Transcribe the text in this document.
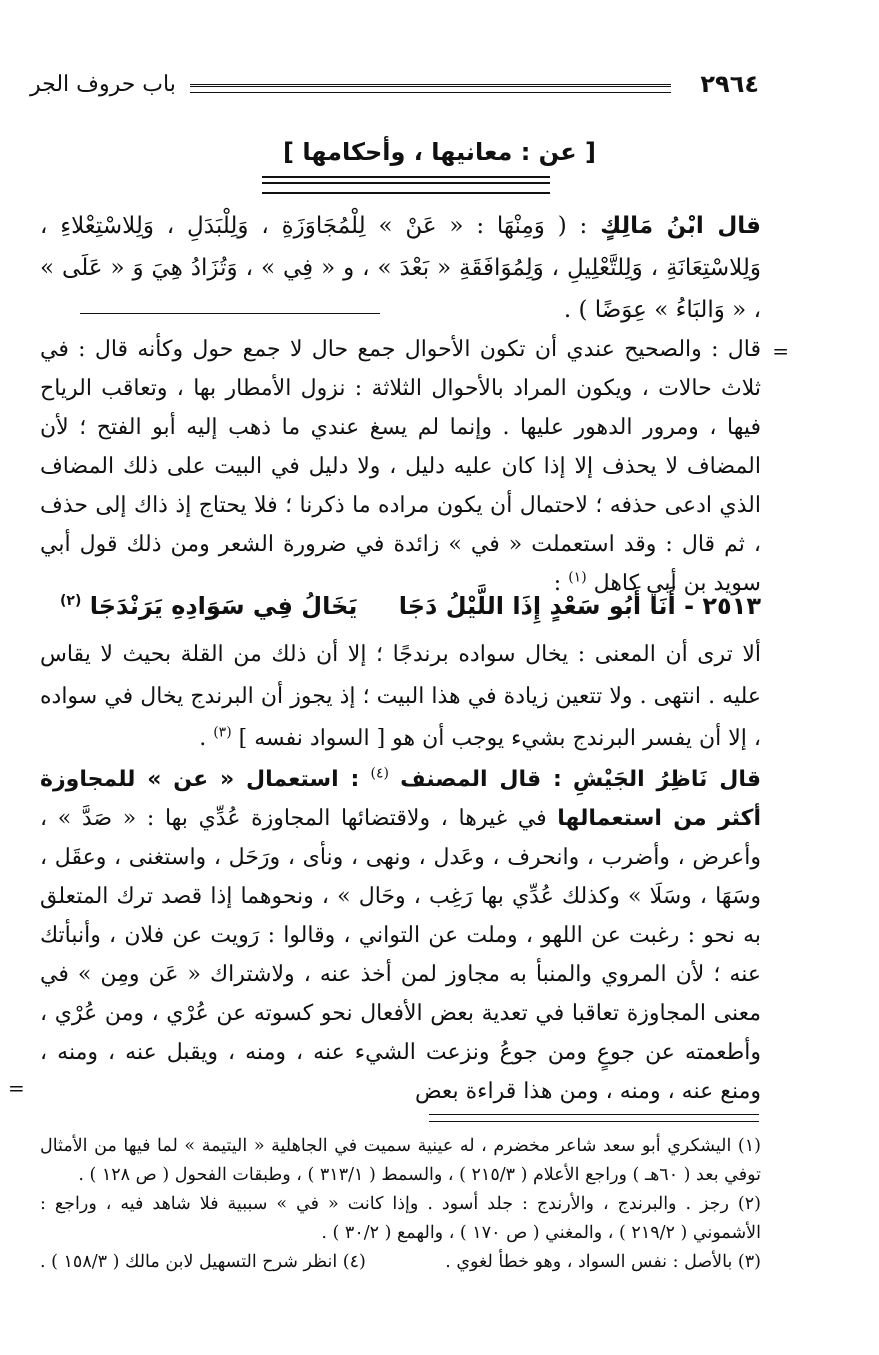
٢٩٦٤
باب حروف الجر
[ عن : معانيها ، وأحكامها ]

قال ابْنُ مَالِكٍ : ( وَمِنْهَا : « عَنْ » لِلْمُجَاوَزَةِ ، وَلِلْبَدَلِ ، وَلِلاسْتِعْلاءِ ، وَلِلاسْتِعَانَةِ ، وَلِلتَّعْلِيلِ ، وَلِمُوَافَقَةِ « بَعْدَ » ، و « فِي » ، وَتُزَادُ هِيَ وَ « عَلَى » ، « وَالبَاءُ » عِوَضًا ) .

=

قال : والصحيح عندي أن تكون الأحوال جمع حال لا جمع حول وكأنه قال : في ثلاث حالات ، ويكون المراد بالأحوال الثلاثة : نزول الأمطار بها ، وتعاقب الرياح فيها ، ومرور الدهور عليها . وإنما لم يسغ عندي ما ذهب إليه أبو الفتح ؛ لأن المضاف لا يحذف إلا إذا كان عليه دليل ، ولا دليل في البيت على ذلك المضاف الذي ادعى حذفه ؛ لاحتمال أن يكون مراده ما ذكرنا ؛ فلا يحتاج إذ ذاك إلى حذف ، ثم قال : وقد استعملت « في » زائدة في ضرورة الشعر ومن ذلك قول أبي سويد بن أبي كاهل $^{(١)}$ :

٢٥١٣ - أَنَا أَبُو سَعْدٍ إِذَا اللَّيْلُ دَجَا
يَخَالُ فِي سَوَادِهِ يَرَنْدَجَا $^{(٢)}$

ألا ترى أن المعنى : يخال سواده برندجًا ؛ إلا أن ذلك من القلة بحيث لا يقاس عليه . انتهى . ولا تتعين زيادة في هذا البيت ؛ إذ يجوز أن البرندج يخال في سواده ، إلا أن يفسر البرندج بشيء يوجب أن هو [ السواد نفسه ] $^{(٣)}$ .

قال نَاظِرُ الجَيْشِ : قال المصنف $^{(٤)}$ : استعمال « عن » للمجاوزة أكثر من استعمالها في غيرها ، ولاقتضائها المجاوزة عُدِّي بها : « صَدَّ » ، وأعرض ، وأضرب ، وانحرف ، وعَدل ، ونهى ، ونأى ، ورَحَل ، واستغنى ، وعقَل ، وسَهَا ، وسَلَا » وكذلك عُدِّي بها رَغِب ، وحَال » ، ونحوهما إذا قصد ترك المتعلق به نحو : رغبت عن اللهو ، وملت عن التواني ، وقالوا : رَويت عن فلان ، وأنبأتك عنه ؛ لأن المروي والمنبأ به مجاوز لمن أخذ عنه ، ولاشتراك « عَن ومِن » في معنى المجاوزة تعاقبا في تعدية بعض الأفعال نحو كسوته عن عُرْي ، ومن عُرْي ، وأطعمته عن جوعٍ ومن جوعُ ونزعت الشيء عنه ، ومنه ، ويقبل عنه ، ومنه ، ومنع عنه ، ومنه ، ومن هذا قراءة بعض

=

(١) اليشكري أبو سعد شاعر مخضرم ، له عينية سميت في الجاهلية « اليتيمة » لما فيها من الأمثال توفي بعد ( ٦٠هـ ) وراجع الأعلام ( ٢١٥/٣ ) ، والسمط ( ٣١٣/١ ) ، وطبقات الفحول ( ص ١٢٨ ) .

(٢) رجز . والبرندج ، والأرندج : جلد أسود . وإذا كانت « في » سببية فلا شاهد فيه ، وراجع : الأشموني ( ٢١٩/٢ ) ، والمغني ( ص ١٧٠ ) ، والهمع ( ٣٠/٢ ) .

(٣) بالأصل : نفس السواد ، وهو خطأ لغوي .
(٤) انظر شرح التسهيل لابن مالك ( ١٥٨/٣ ) .
